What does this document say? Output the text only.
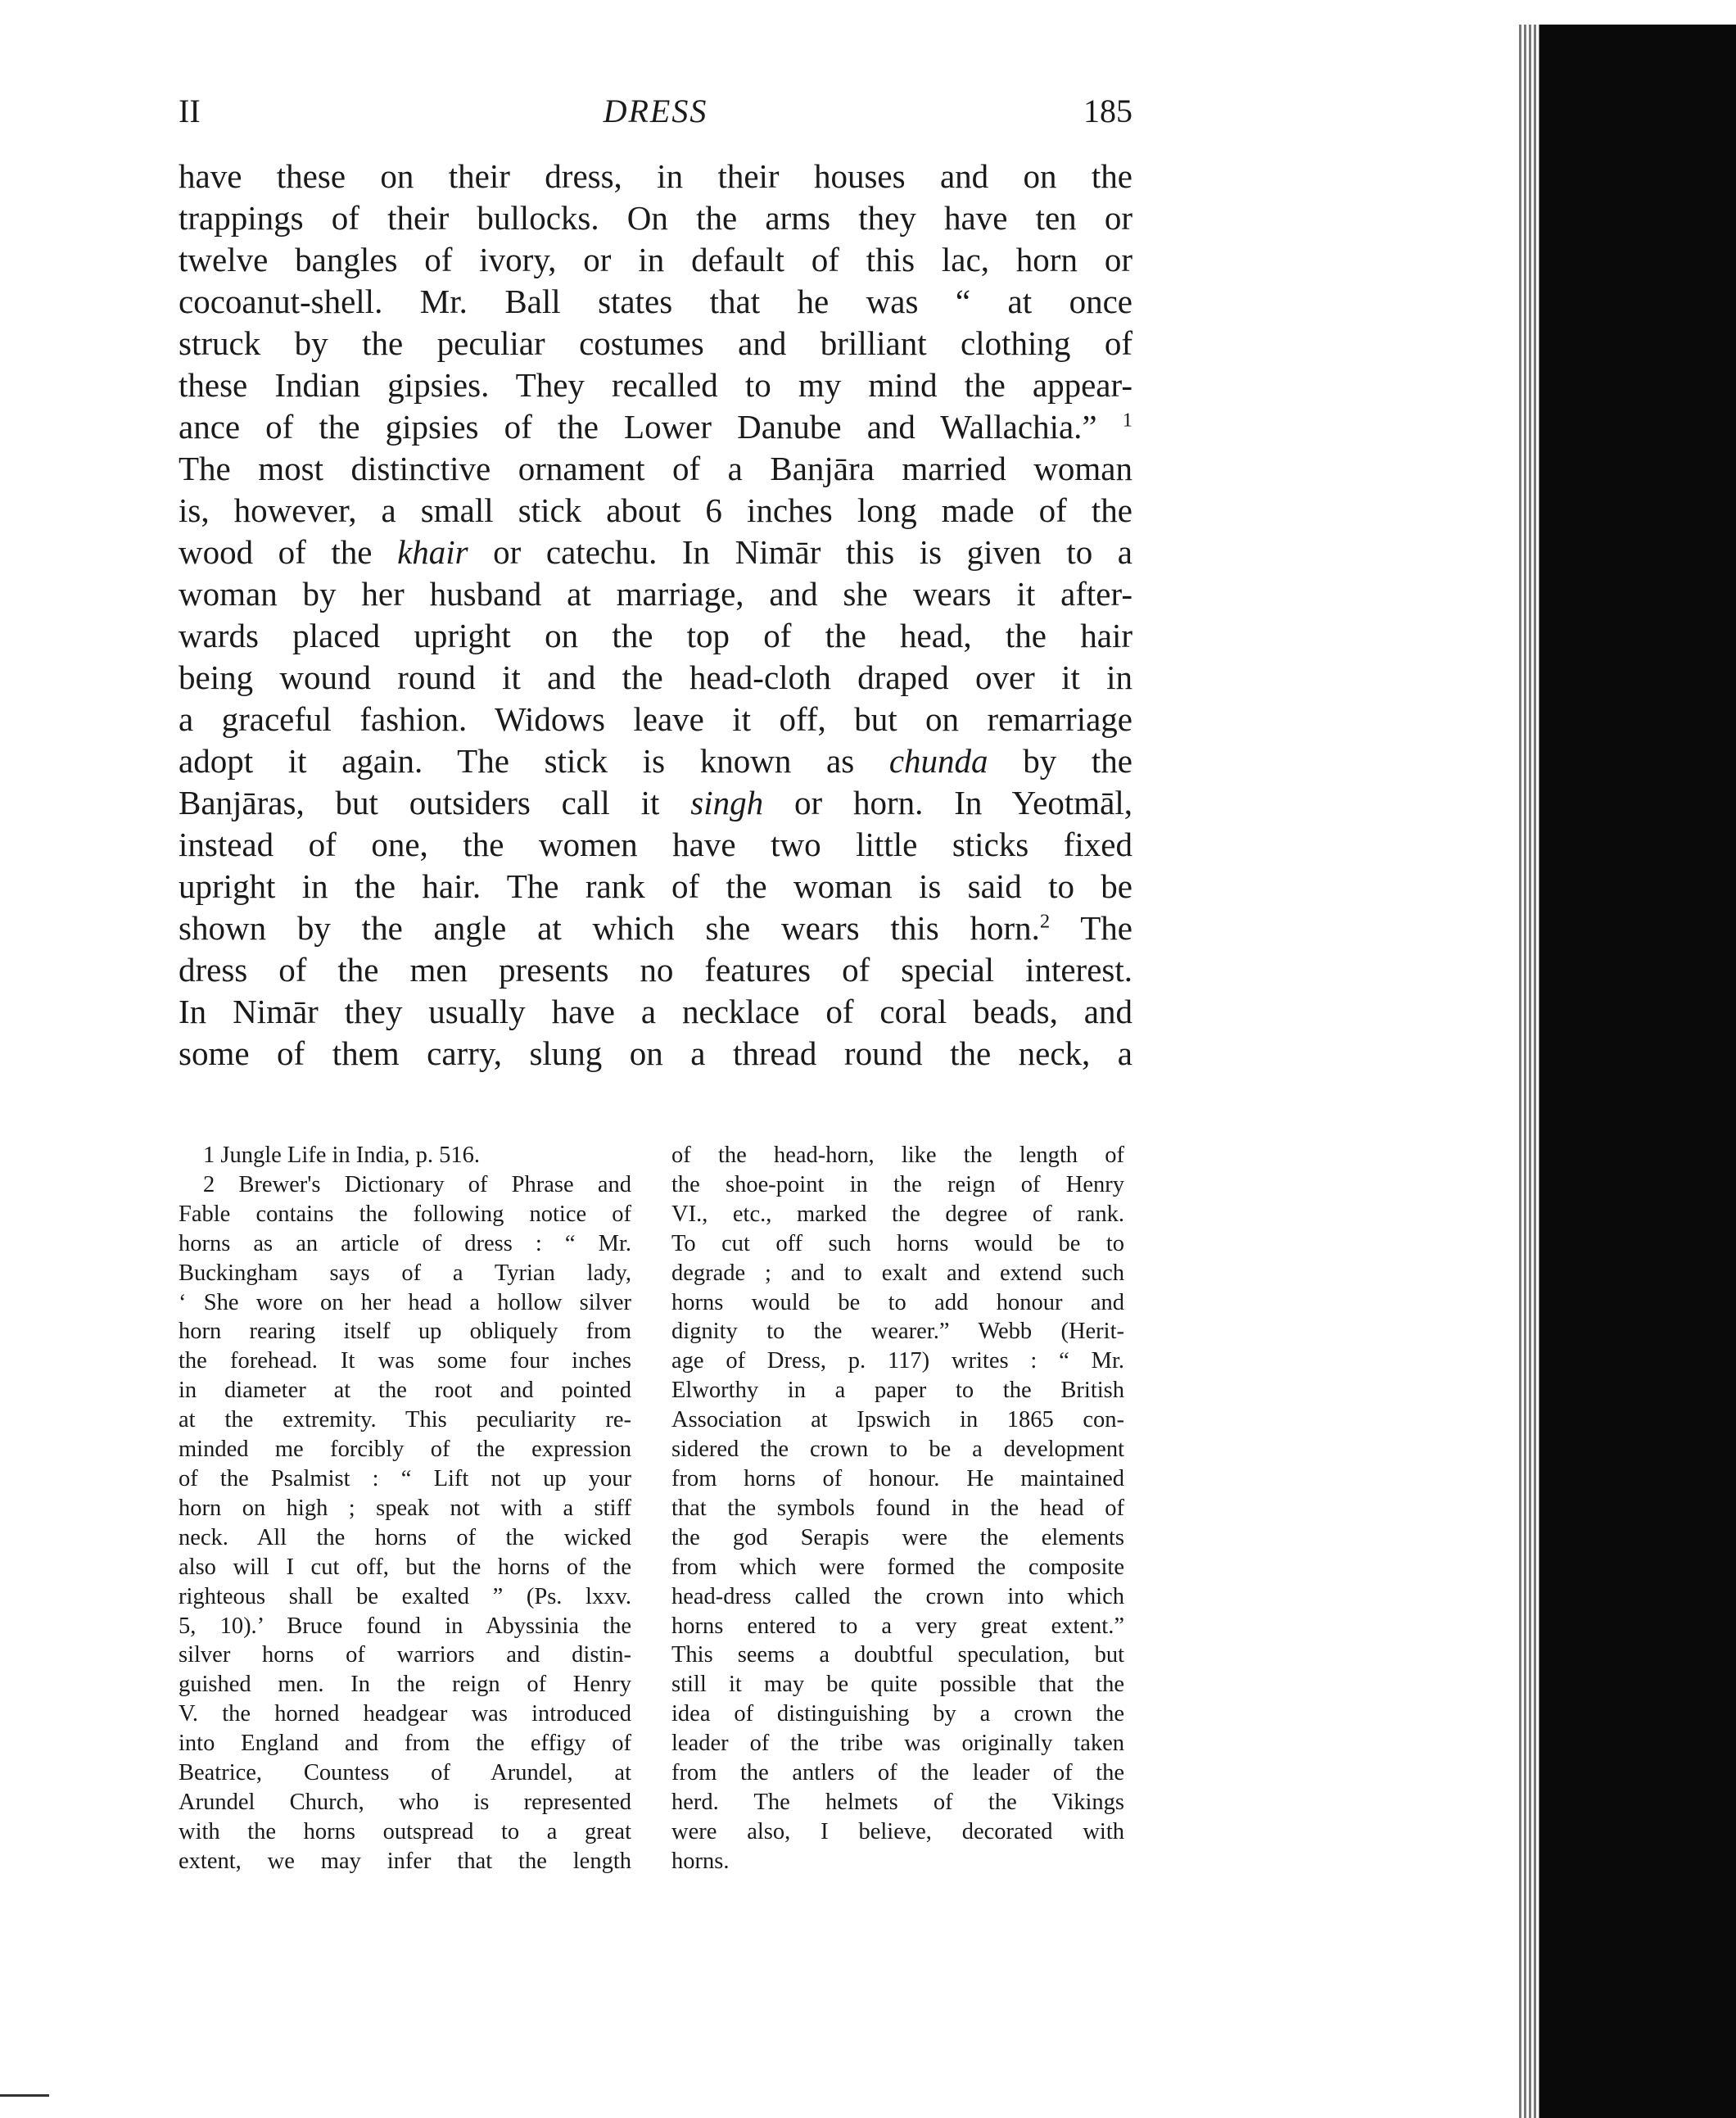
II	DRESS	185
have these on their dress, in their houses and on the
trappings of their bullocks. On the arms they have ten or
twelve bangles of ivory, or in default of this lac, horn or
cocoanut-shell. Mr. Ball states that he was “ at once
struck by the peculiar costumes and brilliant clothing of
these Indian gipsies. They recalled to my mind the appear-
ance of the gipsies of the Lower Danube and Wallachia.” $^1$
The most distinctive ornament of a Banjāra married woman
is, however, a small stick about 6 inches long made of the
wood of the khair or catechu. In Nimār this is given to a
woman by her husband at marriage, and she wears it after-
wards placed upright on the top of the head, the hair
being wound round it and the head-cloth draped over it in
a graceful fashion. Widows leave it off, but on remarriage
adopt it again. The stick is known as chunda by the
Banjāras, but outsiders call it singh or horn. In Yeotmāl,
instead of one, the women have two little sticks fixed
upright in the hair. The rank of the woman is said to be
shown by the angle at which she wears this horn.$^2$ The
dress of the men presents no features of special interest.
In Nimār they usually have a necklace of coral beads, and
some of them carry, slung on a thread round the neck, a
1 Jungle Life in India, p. 516.
2 Brewer's Dictionary of Phrase and
Fable contains the following notice of
horns as an article of dress : “ Mr.
Buckingham says of a Tyrian lady,
‘ She wore on her head a hollow silver
horn rearing itself up obliquely from
the forehead. It was some four inches
in diameter at the root and pointed
at the extremity. This peculiarity re-
minded me forcibly of the expression
of the Psalmist : “ Lift not up your
horn on high ; speak not with a stiff
neck. All the horns of the wicked
also will I cut off, but the horns of the
righteous shall be exalted ” (Ps. lxxv.
5, 10).’ Bruce found in Abyssinia the
silver horns of warriors and distin-
guished men. In the reign of Henry
V. the horned headgear was introduced
into England and from the effigy of
Beatrice, Countess of Arundel, at
Arundel Church, who is represented
with the horns outspread to a great
extent, we may infer that the length
of the head-horn, like the length of
the shoe-point in the reign of Henry
VI., etc., marked the degree of rank.
To cut off such horns would be to
degrade ; and to exalt and extend such
horns would be to add honour and
dignity to the wearer.” Webb (Herit-
age of Dress, p. 117) writes : “ Mr.
Elworthy in a paper to the British
Association at Ipswich in 1865 con-
sidered the crown to be a development
from horns of honour. He maintained
that the symbols found in the head of
the god Serapis were the elements
from which were formed the composite
head-dress called the crown into which
horns entered to a very great extent.”
This seems a doubtful speculation, but
still it may be quite possible that the
idea of distinguishing by a crown the
leader of the tribe was originally taken
from the antlers of the leader of the
herd. The helmets of the Vikings
were also, I believe, decorated with
horns.
